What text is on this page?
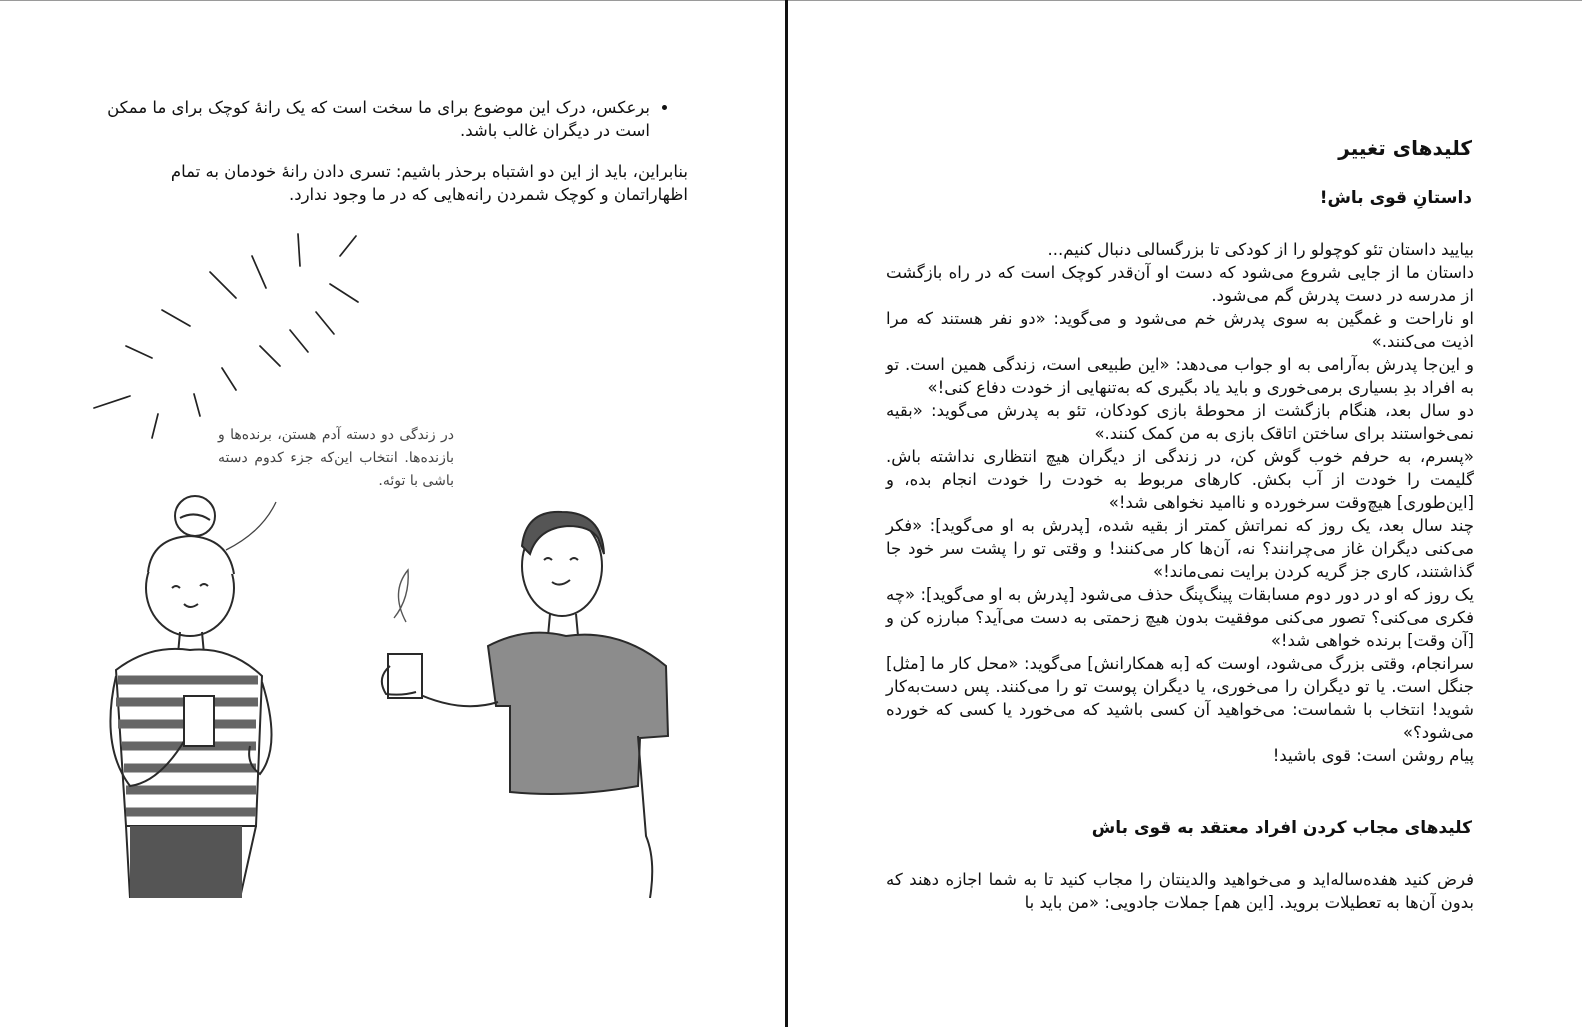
• برعکس، درک این موضوع برای ما سخت است که یک رانهٔ کوچک برای ما ممکن است در دیگران غالب باشد.

بنابراین، باید از این دو اشتباه برحذر باشیم: تسری دادن رانهٔ خودمان به تمام اظهاراتمان و کوچک شمردن رانه‌هایی که در ما وجود ندارد.

در زندگی دو دسته آدم هستن، برنده‌ها و بازنده‌ها. انتخاب این‌که جزء کدوم دسته باشی با توئه.
کلیدهای تغییر
داستانِ قوی باش!

بیایید داستان تئو کوچولو را از کودکی تا بزرگسالی دنبال کنیم...

داستان ما از جایی شروع می‌شود که دست او آن‌قدر کوچک است که در راه بازگشت از مدرسه در دست پدرش گم می‌شود.

او ناراحت و غمگین به سوی پدرش خم می‌شود و می‌گوید: «دو نفر هستند که مرا اذیت می‌کنند.»

و این‌جا پدرش به‌آرامی به او جواب می‌دهد: «این طبیعی است، زندگی همین است. تو به افراد بدِ بسیاری برمی‌خوری و باید یاد بگیری که به‌تنهایی از خودت دفاع کنی!»

دو سال بعد، هنگام بازگشت از محوطهٔ بازی کودکان، تئو به پدرش می‌گوید: «بقیه نمی‌خواستند برای ساختن اتاقک بازی به من کمک کنند.»

«پسرم، به حرفم خوب گوش کن، در زندگی از دیگران هیچ انتظاری نداشته باش. گلیمت را خودت از آب بکش. کارهای مربوط به خودت را خودت انجام بده، و [این‌طوری] هیچ‌وقت سرخورده و ناامید نخواهی شد!»

چند سال بعد، یک روز که نمراتش کمتر از بقیه شده، [پدرش به او می‌گوید]: «فکر می‌کنی دیگران غاز می‌چرانند؟ نه، آن‌ها کار می‌کنند! و وقتی تو را پشت سر خود جا گذاشتند، کاری جز گریه کردن برایت نمی‌ماند!»

یک روز که او در دور دوم مسابقات پینگ‌پنگ حذف می‌شود [پدرش به او می‌گوید]: «چه فکری می‌کنی؟ تصور می‌کنی موفقیت بدون هیچ زحمتی به دست می‌آید؟ مبارزه کن و [آن وقت] برنده خواهی شد!»

سرانجام، وقتی بزرگ می‌شود، اوست که [به همکارانش] می‌گوید: «محل کار ما [مثل] جنگل است. یا تو دیگران را می‌خوری، یا دیگران پوست تو را می‌کنند. پس دست‌به‌کار شوید! انتخاب با شماست: می‌خواهید آن کسی باشید که می‌خورد یا کسی که خورده می‌شود؟»

پیام روشن است: قوی باشید!

کلیدهای مجاب کردن افراد معتقد به قوی باش

فرض کنید هفده‌ساله‌اید و می‌خواهید والدینتان را مجاب کنید تا به شما اجازه دهند که بدون آن‌ها به تعطیلات بروید. [این هم] جملات جادویی: «من باید با
